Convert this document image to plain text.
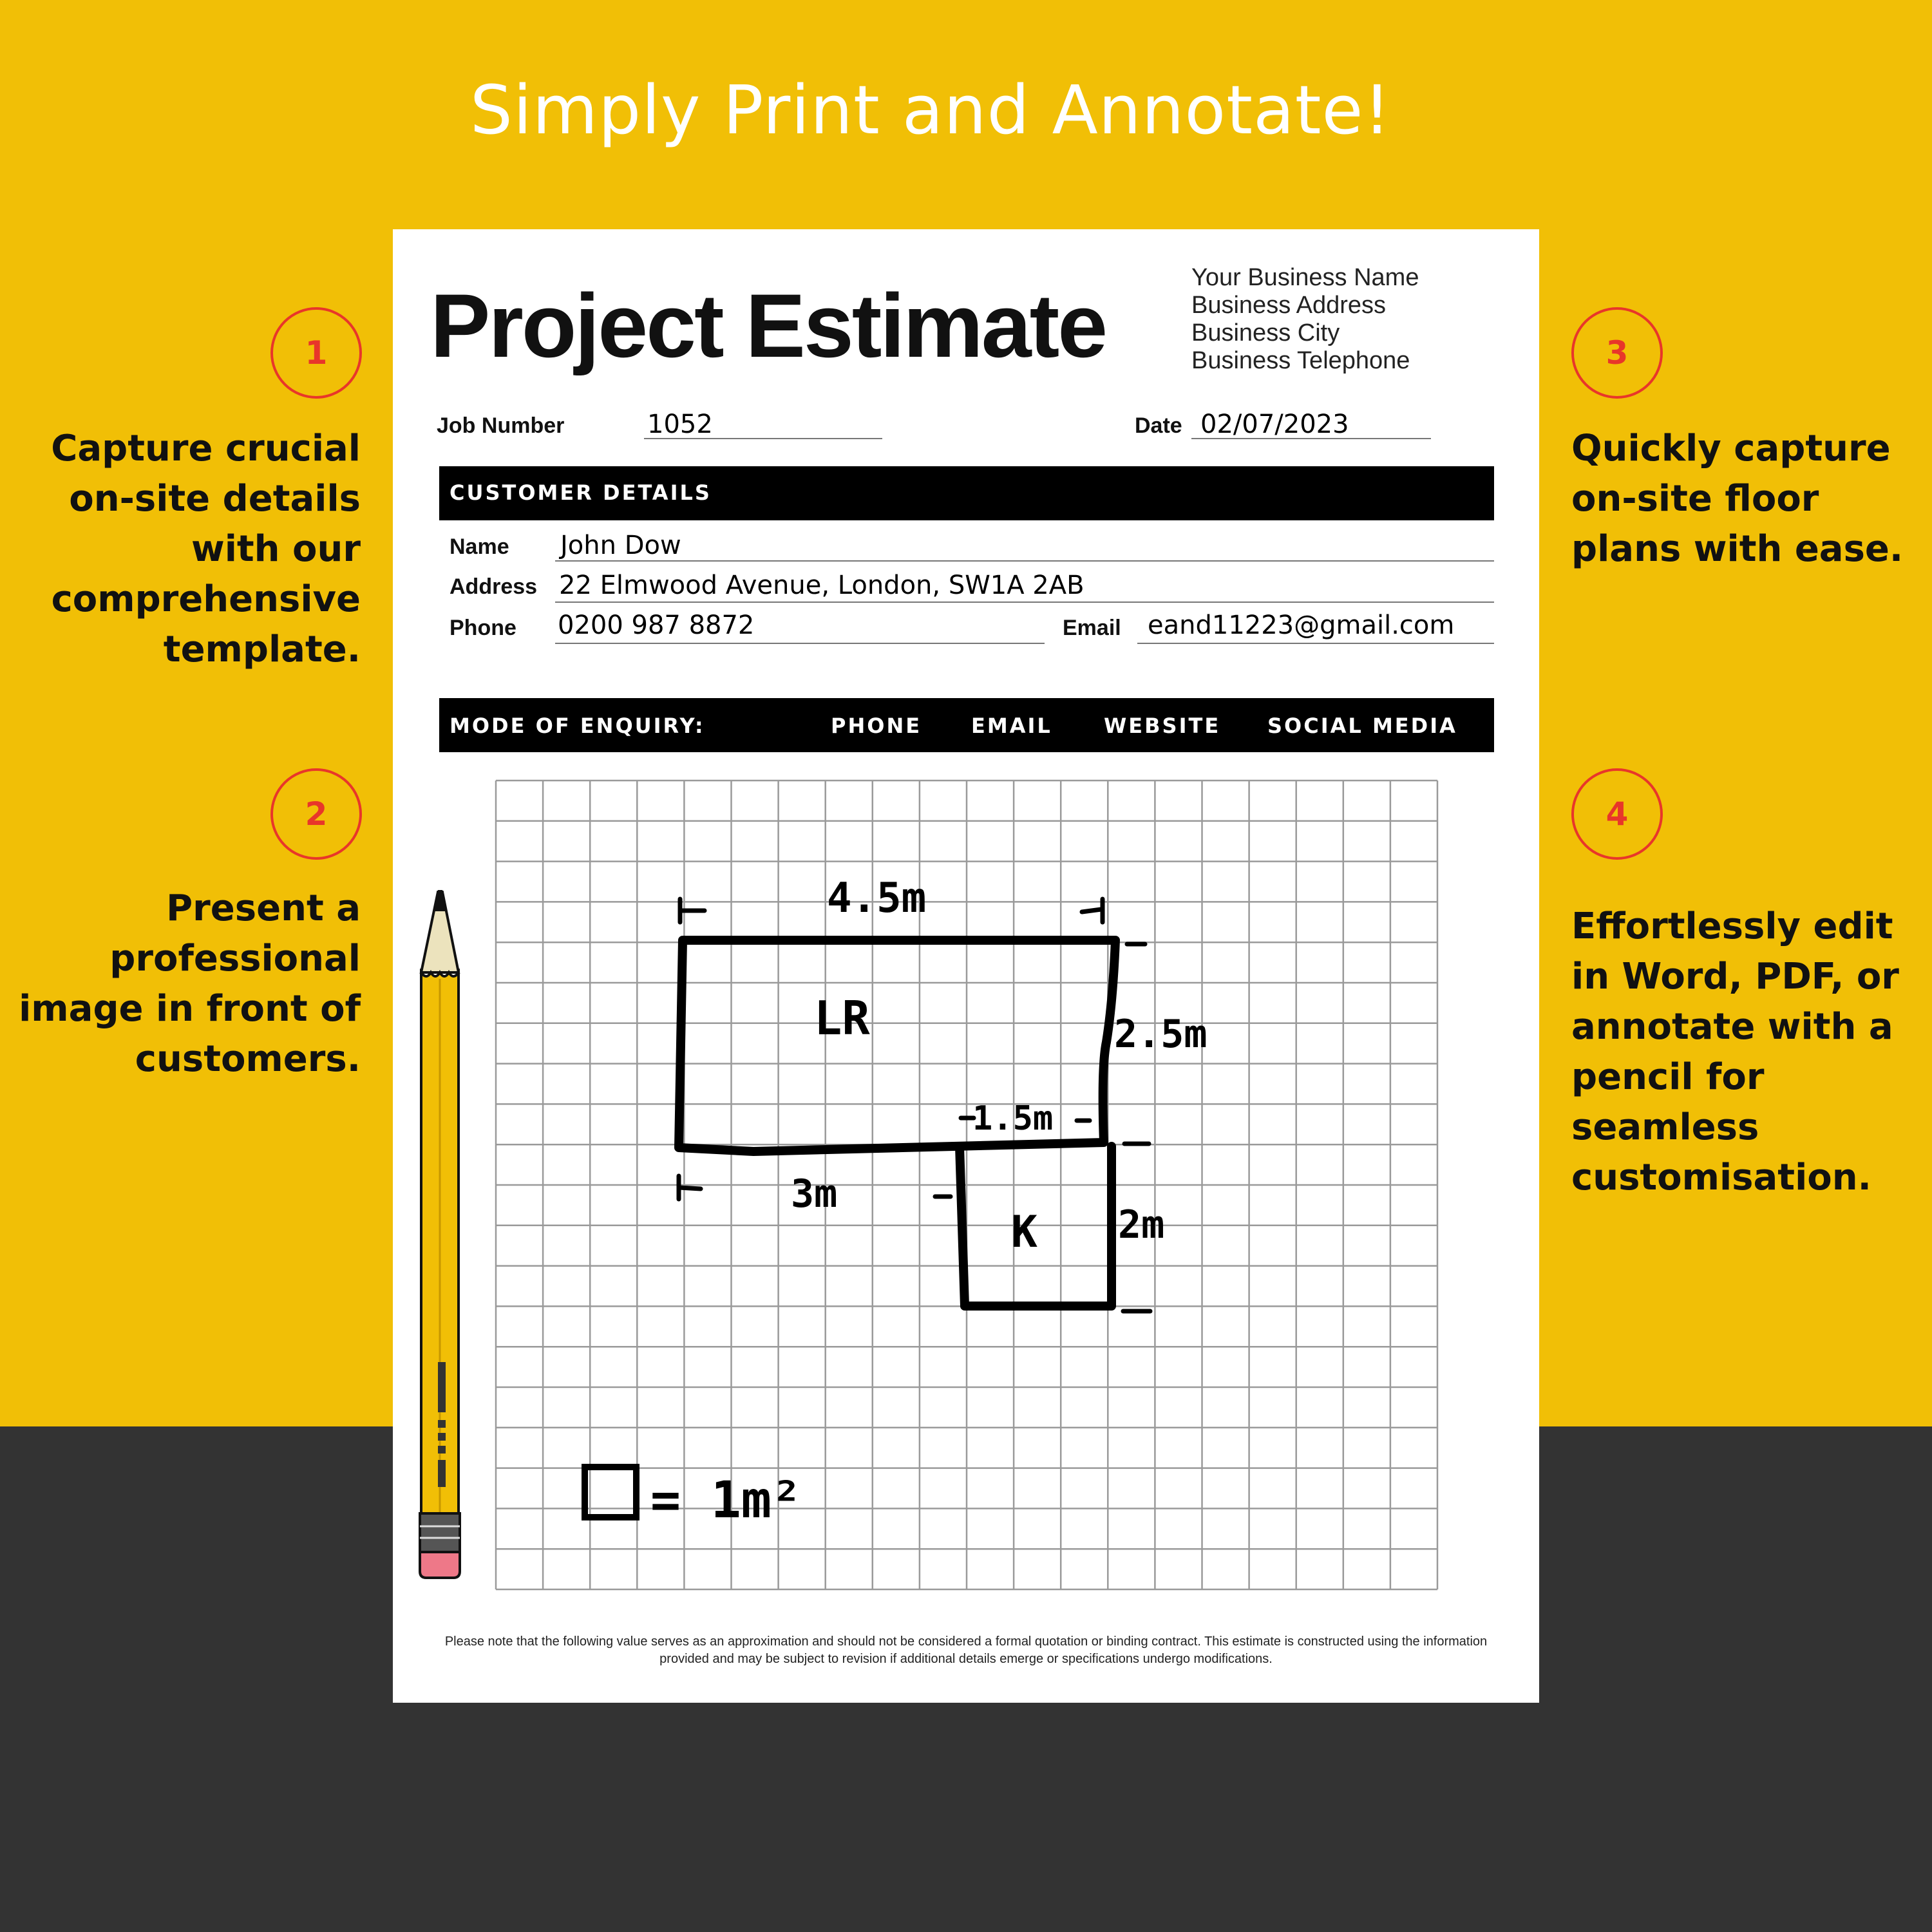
Simply Print and Annotate!
1
Capture crucial on-site details with our comprehensive template.
2
Present a professional image in front of customers.
3
Quickly capture on-site floor plans with ease.
4
Effortlessly edit in Word, PDF, or annotate with a pencil for seamless customisation.
Project Estimate	Your Business Name
Business Address
Business City
Business Telephone
Job Number	1052	Date 02/07/2023
CUSTOMER DETAILS
Name John Dow
Address 22 Elmwood Avenue, London, SW1A 2AB
Phone 0200 987 8872	Email eand11223@gmail.com
MODE OF ENQUIRY:	PHONE EMAIL	WEBSITE SOCIAL MEDIA
4.5m
LR	2.5m
1.5m
3m
K 2m
= 1m²
Please note that the following value serves as an approximation and should not be considered a formal quotation or binding contract. This estimate is constructed using the information provided and may be subject to revision if additional details emerge or specifications undergo modifications.
